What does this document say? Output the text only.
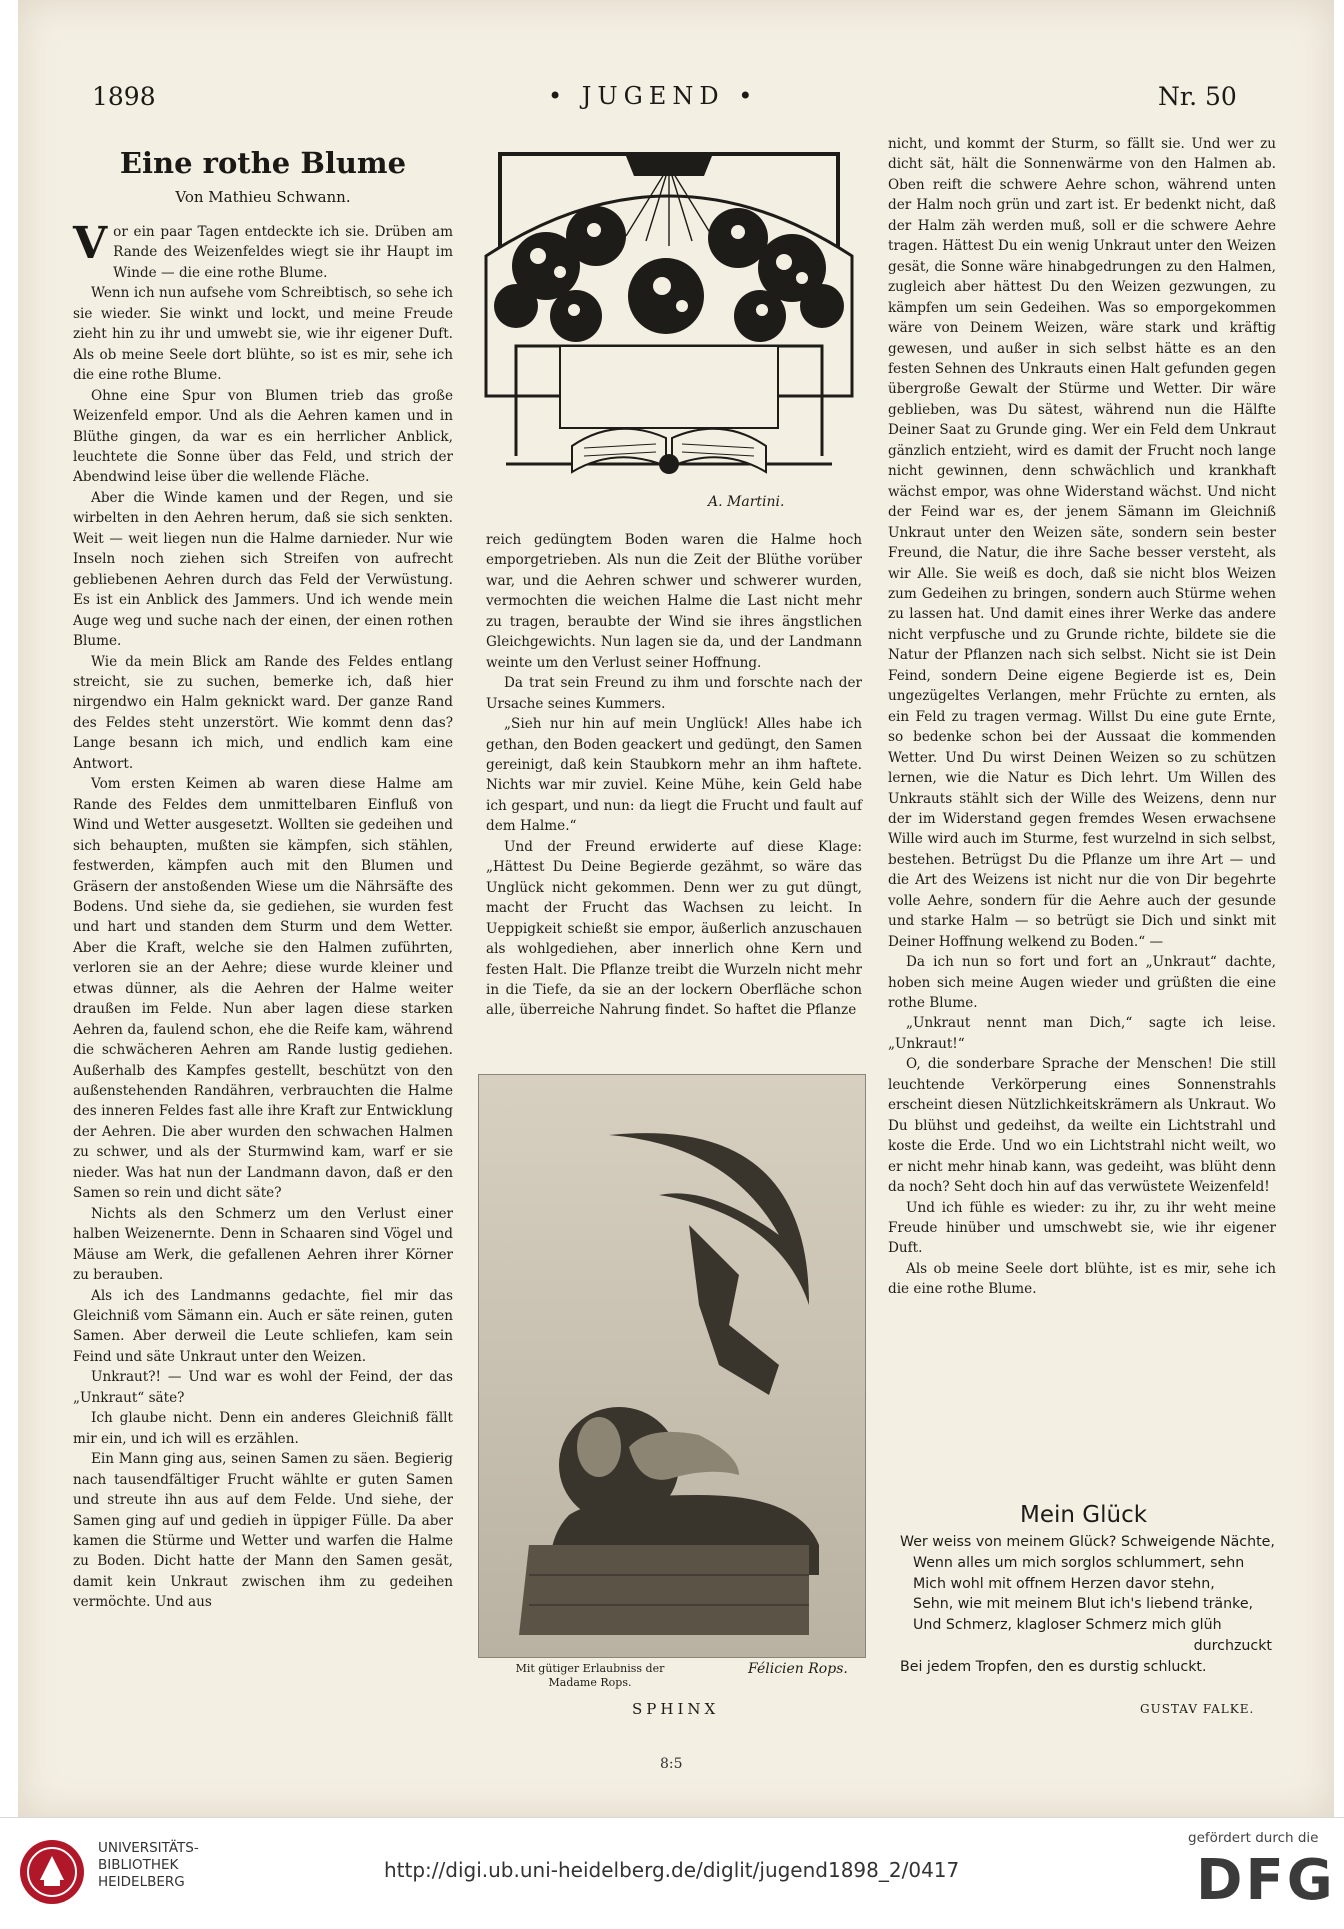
1898	• JUGEND •	Nr. 50
Eine rothe Blume
Von Mathieu Schwann.

Vor ein paar Tagen entdeckte ich sie. Drüben am Rande des Weizenfeldes wiegt sie ihr Haupt im Winde — die eine rothe Blume.

Wenn ich nun aufsehe vom Schreibtisch, so sehe ich sie wieder. Sie winkt und lockt, und meine Freude zieht hin zu ihr und umwebt sie, wie ihr eigener Duft. Als ob meine Seele dort blühte, so ist es mir, sehe ich die eine rothe Blume.

Ohne eine Spur von Blumen trieb das große Weizenfeld empor. Und als die Aehren kamen und in Blüthe gingen, da war es ein herrlicher Anblick, leuchtete die Sonne über das Feld, und strich der Abendwind leise über die wellende Fläche.

Aber die Winde kamen und der Regen, und sie wirbelten in den Aehren herum, daß sie sich senkten. Weit — weit liegen nun die Halme darnieder. Nur wie Inseln noch ziehen sich Streifen von aufrecht gebliebenen Aehren durch das Feld der Verwüstung. Es ist ein Anblick des Jammers. Und ich wende mein Auge weg und suche nach der einen, der einen rothen Blume.

Wie da mein Blick am Rande des Feldes entlang streicht, sie zu suchen, bemerke ich, daß hier nirgendwo ein Halm geknickt ward. Der ganze Rand des Feldes steht unzerstört. Wie kommt denn das? Lange besann ich mich, und endlich kam eine Antwort.

Vom ersten Keimen ab waren diese Halme am Rande des Feldes dem unmittelbaren Einfluß von Wind und Wetter ausgesetzt. Wollten sie gedeihen und sich behaupten, mußten sie kämpfen, sich stählen, festwerden, kämpfen auch mit den Blumen und Gräsern der anstoßenden Wiese um die Nährsäfte des Bodens. Und siehe da, sie gediehen, sie wurden fest und hart und standen dem Sturm und dem Wetter. Aber die Kraft, welche sie den Halmen zuführten, verloren sie an der Aehre; diese wurde kleiner und etwas dünner, als die Aehren der Halme weiter draußen im Felde. Nun aber lagen diese starken Aehren da, faulend schon, ehe die Reife kam, während die schwächeren Aehren am Rande lustig gediehen. Außerhalb des Kampfes gestellt, beschützt von den außenstehenden Randähren, verbrauchten die Halme des inneren Feldes fast alle ihre Kraft zur Entwicklung der Aehren. Die aber wurden den schwachen Halmen zu schwer, und als der Sturmwind kam, warf er sie nieder. Was hat nun der Landmann davon, daß er den Samen so rein und dicht säte?

Nichts als den Schmerz um den Verlust einer halben Weizenernte. Denn in Schaaren sind Vögel und Mäuse am Werk, die gefallenen Aehren ihrer Körner zu berauben.

Als ich des Landmanns gedachte, fiel mir das Gleichniß vom Sämann ein. Auch er säte reinen, guten Samen. Aber derweil die Leute schliefen, kam sein Feind und säte Unkraut unter den Weizen.

Unkraut?! — Und war es wohl der Feind, der das „Unkraut“ säte?

Ich glaube nicht. Denn ein anderes Gleichniß fällt mir ein, und ich will es erzählen.

Ein Mann ging aus, seinen Samen zu säen. Begierig nach tausendfältiger Frucht wählte er guten Samen und streute ihn aus auf dem Felde. Und siehe, der Samen ging auf und gedieh in üppiger Fülle. Da aber kamen die Stürme und Wetter und warfen die Halme zu Boden. Dicht hatte der Mann den Samen gesät, damit kein Unkraut zwischen ihm zu gedeihen vermöchte. Und aus

A. Martini.

reich gedüngtem Boden waren die Halme hoch emporgetrieben. Als nun die Zeit der Blüthe vorüber war, und die Aehren schwer und schwerer wurden, vermochten die weichen Halme die Last nicht mehr zu tragen, beraubte der Wind sie ihres ängstlichen Gleichgewichts. Nun lagen sie da, und der Landmann weinte um den Verlust seiner Hoffnung.

Da trat sein Freund zu ihm und forschte nach der Ursache seines Kummers.

„Sieh nur hin auf mein Unglück! Alles habe ich gethan, den Boden geackert und gedüngt, den Samen gereinigt, daß kein Staubkorn mehr an ihm haftete. Nichts war mir zuviel. Keine Mühe, kein Geld habe ich gespart, und nun: da liegt die Frucht und fault auf dem Halme.“

Und der Freund erwiderte auf diese Klage: „Hättest Du Deine Begierde gezähmt, so wäre das Unglück nicht gekommen. Denn wer zu gut düngt, macht der Frucht das Wachsen zu leicht. In Ueppigkeit schießt sie empor, äußerlich anzuschauen als wohlgediehen, aber innerlich ohne Kern und festen Halt. Die Pflanze treibt die Wurzeln nicht mehr in die Tiefe, da sie an der lockern Oberfläche schon alle, überreiche Nahrung findet. So haftet die Pflanze

Mit gütiger Erlaubniss der Madame Rops.
Félicien Rops.
SPHINX

nicht, und kommt der Sturm, so fällt sie. Und wer zu dicht sät, hält die Sonnenwärme von den Halmen ab. Oben reift die schwere Aehre schon, während unten der Halm noch grün und zart ist. Er bedenkt nicht, daß der Halm zäh werden muß, soll er die schwere Aehre tragen. Hättest Du ein wenig Unkraut unter den Weizen gesät, die Sonne wäre hinabgedrungen zu den Halmen, zugleich aber hättest Du den Weizen gezwungen, zu kämpfen um sein Gedeihen. Was so emporgekommen wäre von Deinem Weizen, wäre stark und kräftig gewesen, und außer in sich selbst hätte es an den festen Sehnen des Unkrauts einen Halt gefunden gegen übergroße Gewalt der Stürme und Wetter. Dir wäre geblieben, was Du sätest, während nun die Hälfte Deiner Saat zu Grunde ging. Wer ein Feld dem Unkraut gänzlich entzieht, wird es damit der Frucht noch lange nicht gewinnen, denn schwächlich und krankhaft wächst empor, was ohne Widerstand wächst. Und nicht der Feind war es, der jenem Sämann im Gleichniß Unkraut unter den Weizen säte, sondern sein bester Freund, die Natur, die ihre Sache besser versteht, als wir Alle. Sie weiß es doch, daß sie nicht blos Weizen zum Gedeihen zu bringen, sondern auch Stürme wehen zu lassen hat. Und damit eines ihrer Werke das andere nicht verpfusche und zu Grunde richte, bildete sie die Natur der Pflanzen nach sich selbst. Nicht sie ist Dein Feind, sondern Deine eigene Begierde ist es, Dein ungezügeltes Verlangen, mehr Früchte zu ernten, als ein Feld zu tragen vermag. Willst Du eine gute Ernte, so bedenke schon bei der Aussaat die kommenden Wetter. Und Du wirst Deinen Weizen so zu schützen lernen, wie die Natur es Dich lehrt. Um Willen des Unkrauts stählt sich der Wille des Weizens, denn nur der im Widerstand gegen fremdes Wesen erwachsene Wille wird auch im Sturme, fest wurzelnd in sich selbst, bestehen. Betrügst Du die Pflanze um ihre Art — und die Art des Weizens ist nicht nur die von Dir begehrte volle Aehre, sondern für die Aehre auch der gesunde und starke Halm — so betrügt sie Dich und sinkt mit Deiner Hoffnung welkend zu Boden.“ —

Da ich nun so fort und fort an „Unkraut“ dachte, hoben sich meine Augen wieder und grüßten die eine rothe Blume.

„Unkraut nennt man Dich,“ sagte ich leise. „Unkraut!“

O, die sonderbare Sprache der Menschen! Die still leuchtende Verkörperung eines Sonnenstrahls erscheint diesen Nützlichkeitskrämern als Unkraut. Wo Du blühst und gedeihst, da weilte ein Lichtstrahl und koste die Erde. Und wo ein Lichtstrahl nicht weilt, wo er nicht mehr hinab kann, was gedeiht, was blüht denn da noch? Seht doch hin auf das verwüstete Weizenfeld!

Und ich fühle es wieder: zu ihr, zu ihr weht meine Freude hinüber und umschwebt sie, wie ihr eigener Duft.

Als ob meine Seele dort blühte, ist es mir, sehe ich die eine rothe Blume.

Mein Glück
Wer weiss von meinem Glück? Schweigende Nächte,
Wenn alles um mich sorglos schlummert, sehn
Mich wohl mit offnem Herzen davor stehn,
Sehn, wie mit meinem Blut ich's liebend tränke,
Und Schmerz, klagloser Schmerz mich glüh
durchzuckt
Bei jedem Tropfen, den es durstig schluckt.
GUSTAV FALKE.
8:5
UNIVERSITÄTS-
BIBLIOTHEK
HEIDELBERG	http://digi.ub.uni-heidelberg.de/diglit/jugend1898_2/0417
gefördert durch die
DFG
